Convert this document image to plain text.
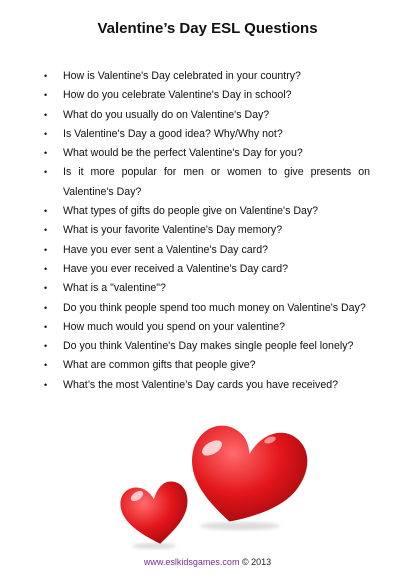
Valentine’s Day ESL Questions
• How is Valentine's Day celebrated in your country?
• How do you celebrate Valentine's Day in school?
• What do you usually do on Valentine's Day?
• Is Valentine's Day a good idea? Why/Why not?
• What would be the perfect Valentine's Day for you?
• Is it more popular for men or women to give presents on Valentine's Day?
• What types of gifts do people give on Valentine's Day?
• What is your favorite Valentine's Day memory?
• Have you ever sent a Valentine's Day card?
• Have you ever received a Valentine's Day card?
• What is a "valentine"?
• Do you think people spend too much money on Valentine's Day?
• How much would you spend on your valentine?
• Do you think Valentine's Day makes single people feel lonely?
• What are common gifts that people give?
• What’s the most Valentine’s Day cards you have received?
www.eslkidsgames.com © 2013
